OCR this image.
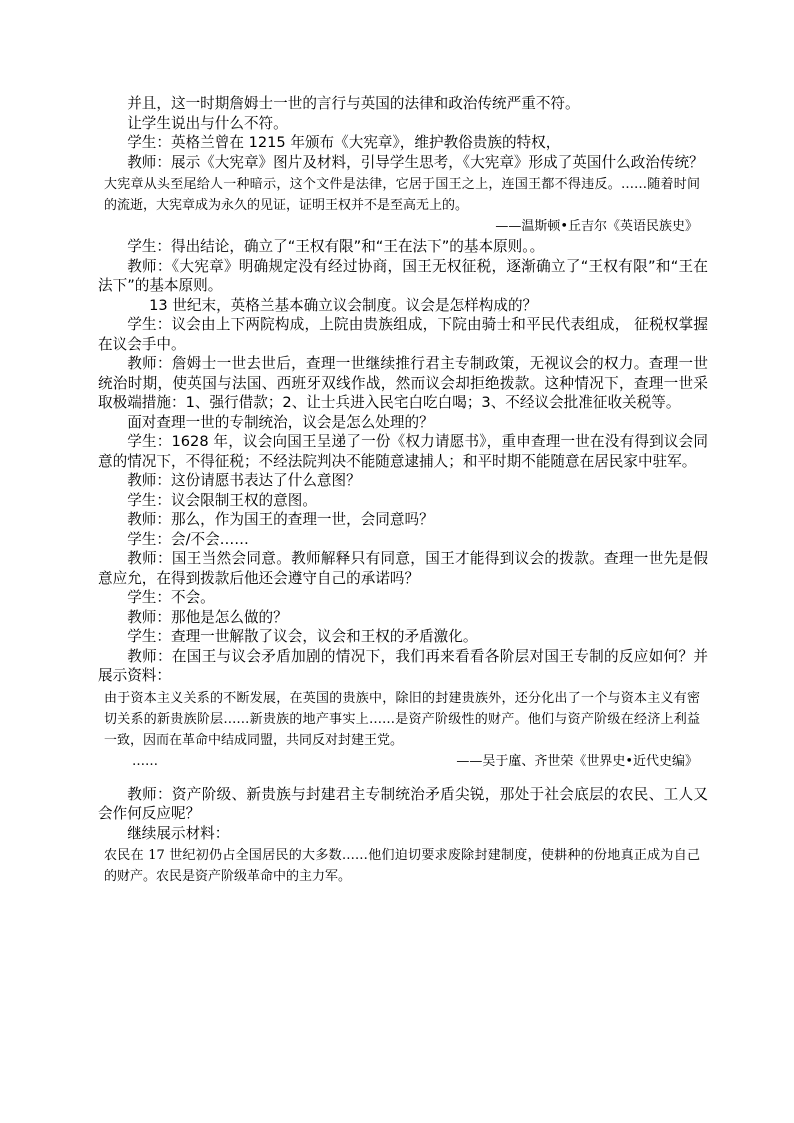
并且，这一时期詹姆士一世的言行与英国的法律和政治传统严重不符。

让学生说出与什么不符。

学生：英格兰曾在 1215 年颁布《大宪章》，维护教俗贵族的特权，

教师：展示《大宪章》图片及材料，引导学生思考，《大宪章》形成了英国什么政治传统？

大宪章从头至尾给人一种暗示，这个文件是法律，它居于国王之上，连国王都不得违反。……随着时间的流逝，大宪章成为永久的见证，证明王权并不是至高无上的。

——温斯顿•丘吉尔《英语民族史》

学生：得出结论，确立了“王权有限”和“王在法下”的基本原则。。

教师：《大宪章》明确规定没有经过协商，国王无权征税，逐渐确立了“王权有限”和“王在法下”的基本原则。

13 世纪末，英格兰基本确立议会制度。议会是怎样构成的？

学生：议会由上下两院构成，上院由贵族组成，下院由骑士和平民代表组成， 征税权掌握在议会手中。

教师：詹姆士一世去世后，查理一世继续推行君主专制政策，无视议会的权力。查理一世统治时期，使英国与法国、西班牙双线作战，然而议会却拒绝拨款。这种情况下，查理一世采取极端措施：1、强行借款；2、让士兵进入民宅白吃白喝；3、不经议会批准征收关税等。

面对查理一世的专制统治，议会是怎么处理的？

学生：1628 年，议会向国王呈递了一份《权力请愿书》，重申查理一世在没有得到议会同意的情况下，不得征税；不经法院判决不能随意逮捕人；和平时期不能随意在居民家中驻军。

教师：这份请愿书表达了什么意图？

学生：议会限制王权的意图。

教师：那么，作为国王的查理一世，会同意吗？

学生：会/不会……

教师：国王当然会同意。教师解释只有同意，国王才能得到议会的拨款。查理一世先是假意应允，在得到拨款后他还会遵守自己的承诺吗？

学生：不会。

教师：那他是怎么做的？

学生：查理一世解散了议会，议会和王权的矛盾激化。

教师：在国王与议会矛盾加剧的情况下，我们再来看看各阶层对国王专制的反应如何？并展示资料：

由于资本主义关系的不断发展，在英国的贵族中，除旧的封建贵族外，还分化出了一个与资本主义有密切关系的新贵族阶层……新贵族的地产事实上……是资产阶级性的财产。他们与资产阶级在经济上利益一致，因而在革命中结成同盟，共同反对封建王党。

……	——吴于廑、齐世荣《世界史•近代史编》

教师：资产阶级、新贵族与封建君主专制统治矛盾尖锐，那处于社会底层的农民、工人又会作何反应呢？

继续展示材料：

农民在 17 世纪初仍占全国居民的大多数……他们迫切要求废除封建制度，使耕种的份地真正成为自己的财产。农民是资产阶级革命中的主力军。
